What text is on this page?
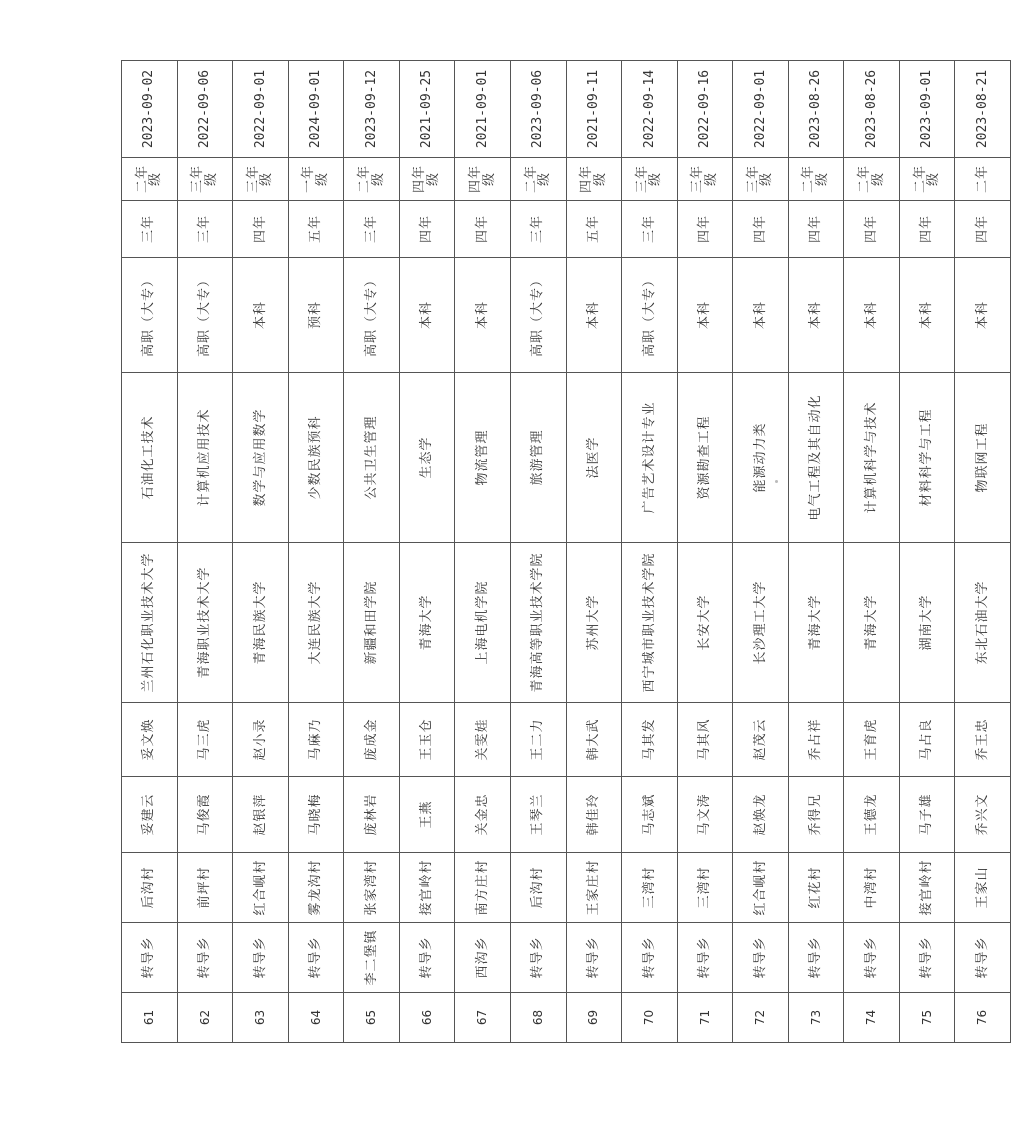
61	转导乡	后沟村	妥建云	妥文焕	兰州石化职业技术大学	石油化工技术	高职（大专）	三年	二年级	2023-09-02

62	转导乡	前坪村	马俊霞	马三虎	青海职业技术大学	计算机应用技术	高职（大专）	三年	三年级	2022-09-06

63	转导乡	红合岘村	赵银萍	赵小录	青海民族大学	数学与应用数学	本科	四年	三年级	2022-09-01

64	转导乡	雾龙沟村	马晓梅	马麻乃	大连民族大学	少数民族预科	预科	五年	一年级	2024-09-01

65	李二堡镇	张家湾村	庞林岩	庞成金	新疆和田学院	公共卫生管理	高职（大专）	三年	二年级	2023-09-12

66	转导乡	接官岭村	王燕	王玉仓	青海大学	生态学	本科	四年	四年级	2021-09-25

67	西沟乡	南方庄村	关金忠	关雯娃	上海电机学院	物流管理	本科	四年	四年级	2021-09-01

68	转导乡	后沟村	王琴兰	王二力	青海高等职业技术学院	旅游管理	高职（大专）	三年	二年级	2023-09-06

69	转导乡	王家庄村	韩佳玲	韩大武	苏州大学	法医学	本科	五年	四年级	2021-09-11

70	转导乡	三湾村	马志斌	马其发	西宁城市职业技术学院	广告艺术设计专业	高职（大专）	三年	三年级	2022-09-14

71	转导乡	三湾村	马文涛	马其风	长安大学	资源勘查工程	本科	四年	三年级	2022-09-16

72	转导乡	红合岘村	赵焕龙	赵茂云	长沙理工大学	能源动力类	本科	四年	三年级	2022-09-01

73	转导乡	红花村	乔得兄	乔占祥	青海大学	电气工程及其自动化	本科	四年	二年级	2023-08-26

74	转导乡	中湾村	王德龙	王育虎	青海大学	计算机科学与技术	本科	四年	二年级	2023-08-26

75	转导乡	接官岭村	马子雄	马占良	湖南大学	材料科学与工程	本科	四年	二年级	2023-09-01

76	转导乡	王家山	乔兴文	乔王忠	东北石油大学	物联网工程	本科	四年	二年	2023-08-21
